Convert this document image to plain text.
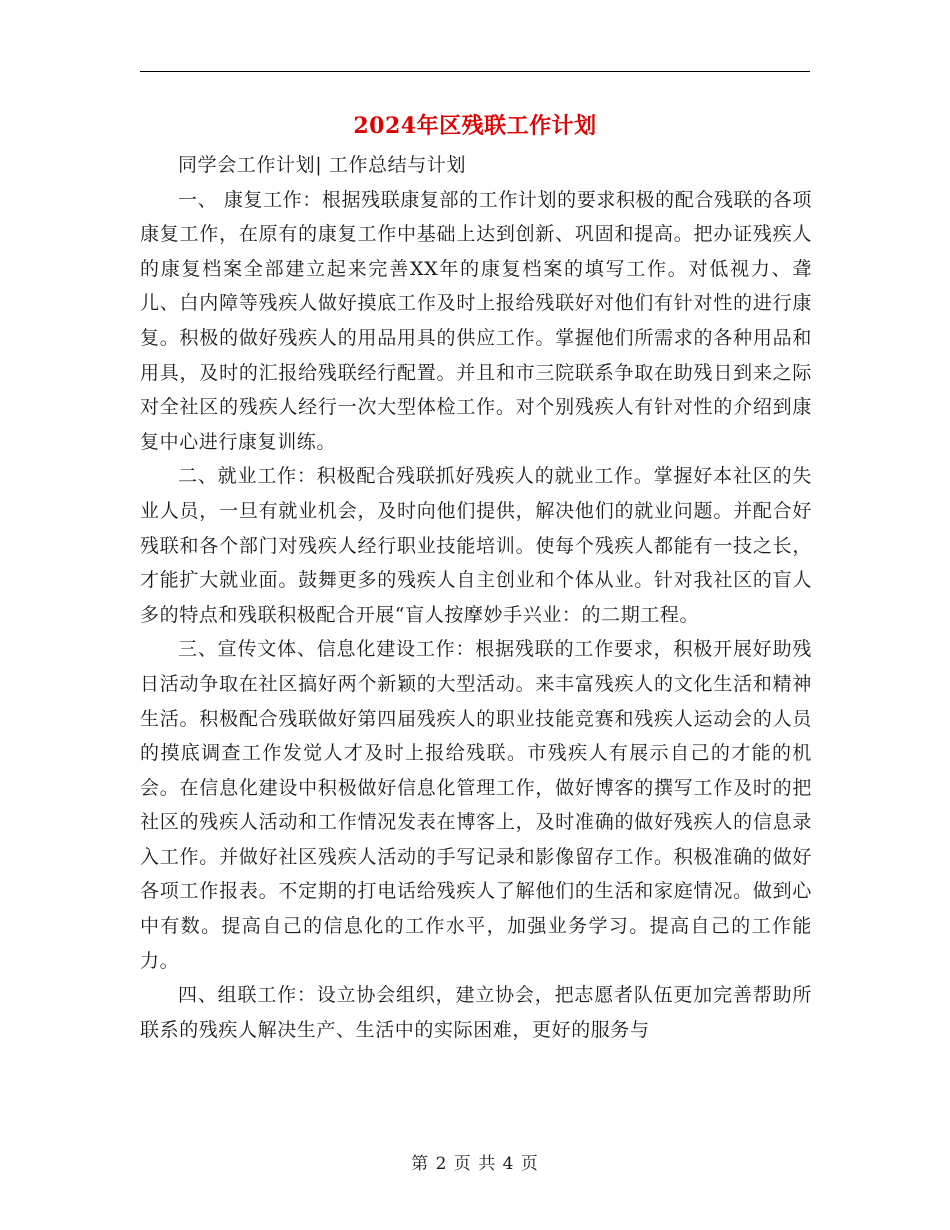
2024年区残联工作计划

同学会工作计划| 工作总结与计划

一、 康复工作：根据残联康复部的工作计划的要求积极的配合残联的各项康复工作，在原有的康复工作中基础上达到创新、巩固和提高。把办证残疾人的康复档案全部建立起来完善XX年的康复档案的填写工作。对低视力、聋儿、白内障等残疾人做好摸底工作及时上报给残联好对他们有针对性的进行康复。积极的做好残疾人的用品用具的供应工作。掌握他们所需求的各种用品和用具，及时的汇报给残联经行配置。并且和市三院联系争取在助残日到来之际对全社区的残疾人经行一次大型体检工作。对个别残疾人有针对性的介绍到康复中心进行康复训练。

二、就业工作：积极配合残联抓好残疾人的就业工作。掌握好本社区的失业人员，一旦有就业机会，及时向他们提供，解决他们的就业问题。并配合好残联和各个部门对残疾人经行职业技能培训。使每个残疾人都能有一技之长，才能扩大就业面。鼓舞更多的残疾人自主创业和个体从业。针对我社区的盲人多的特点和残联积极配合开展“盲人按摩妙手兴业：的二期工程。

三、宣传文体、信息化建设工作：根据残联的工作要求，积极开展好助残日活动争取在社区搞好两个新颖的大型活动。来丰富残疾人的文化生活和精神生活。积极配合残联做好第四届残疾人的职业技能竞赛和残疾人运动会的人员的摸底调查工作发觉人才及时上报给残联。市残疾人有展示自己的才能的机会。在信息化建设中积极做好信息化管理工作，做好博客的撰写工作及时的把社区的残疾人活动和工作情况发表在博客上，及时准确的做好残疾人的信息录入工作。并做好社区残疾人活动的手写记录和影像留存工作。积极准确的做好各项工作报表。不定期的打电话给残疾人了解他们的生活和家庭情况。做到心中有数。提高自己的信息化的工作水平，加强业务学习。提高自己的工作能力。

四、组联工作：设立协会组织，建立协会，把志愿者队伍更加完善帮助所联系的残疾人解决生产、生活中的实际困难，更好的服务与

第 2 页 共 4 页
